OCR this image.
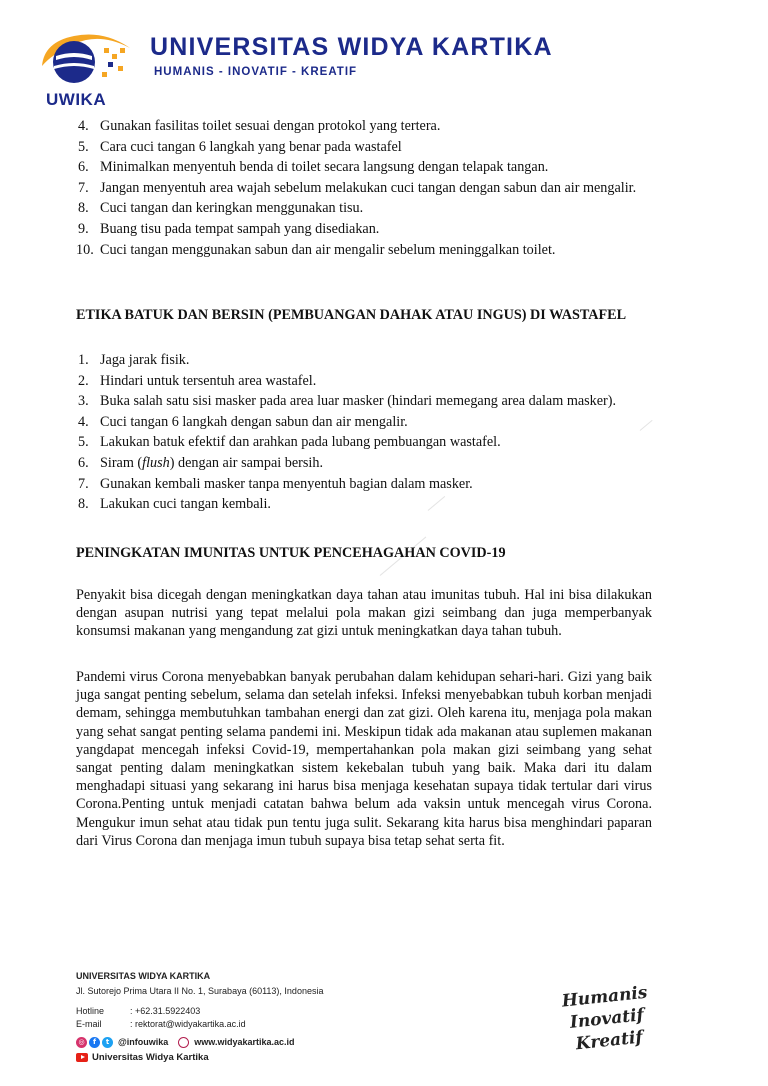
UWIKA
UNIVERSITAS WIDYA KARTIKA
HUMANIS - INOVATIF - KREATIF
4. Gunakan fasilitas toilet sesuai dengan protokol yang tertera.
5. Cara cuci tangan 6 langkah yang benar pada wastafel
6. Minimalkan menyentuh benda di toilet secara langsung dengan telapak tangan.
7. Jangan menyentuh area wajah sebelum melakukan cuci tangan dengan sabun dan air mengalir.
8. Cuci tangan dan keringkan menggunakan tisu.
9. Buang tisu pada tempat sampah yang disediakan.
10. Cuci tangan menggunakan sabun dan air mengalir sebelum meninggalkan toilet.
ETIKA BATUK DAN BERSIN (PEMBUANGAN DAHAK ATAU INGUS) DI WASTAFEL
1. Jaga jarak fisik.
2. Hindari untuk tersentuh area wastafel.
3. Buka salah satu sisi masker pada area luar masker (hindari memegang area dalam masker).
4. Cuci tangan 6 langkah dengan sabun dan air mengalir.
5. Lakukan batuk efektif dan arahkan pada lubang pembuangan wastafel.
6. Siram (flush) dengan air sampai bersih.
7. Gunakan kembali masker tanpa menyentuh bagian dalam masker.
8. Lakukan cuci tangan kembali.
PENINGKATAN IMUNITAS UNTUK PENCEHAGAHAN COVID-19

Penyakit bisa dicegah dengan meningkatkan daya tahan atau imunitas tubuh. Hal ini bisa dilakukan dengan asupan nutrisi yang tepat melalui pola makan gizi seimbang dan juga memperbanyak konsumsi makanan yang mengandung zat gizi untuk meningkatkan daya tahan tubuh.

Pandemi virus Corona menyebabkan banyak perubahan dalam kehidupan sehari-hari. Gizi yang baik juga sangat penting sebelum, selama dan setelah infeksi. Infeksi menyebabkan tubuh korban menjadi demam, sehingga membutuhkan tambahan energi dan zat gizi. Oleh karena itu, menjaga pola makan yang sehat sangat penting selama pandemi ini. Meskipun tidak ada makanan atau suplemen makanan yangdapat mencegah infeksi Covid-19, mempertahankan pola makan gizi seimbang yang sehat sangat penting dalam meningkatkan sistem kekebalan tubuh yang baik. Maka dari itu dalam menghadapi situasi yang sekarang ini harus bisa menjaga kesehatan supaya tidak tertular dari virus Corona.Penting untuk menjadi catatan bahwa belum ada vaksin untuk mencegah virus Corona. Mengukur imun sehat atau tidak pun tentu juga sulit. Sekarang kita harus bisa menghindari paparan dari Virus Corona dan menjaga imun tubuh supaya bisa tetap sehat serta fit.

UNIVERSITAS WIDYA KARTIKA
Jl. Sutorejo Prima Utara II No. 1, Surabaya (60113), Indonesia
Hotline	: +62.31.5922403
E-mail	: rektorat@widyakartika.ac.id
◎	f	t @infouwika	www.widyakartika.ac.id
Universitas Widya Kartika
Humanis
Inovatif
Kreatif
